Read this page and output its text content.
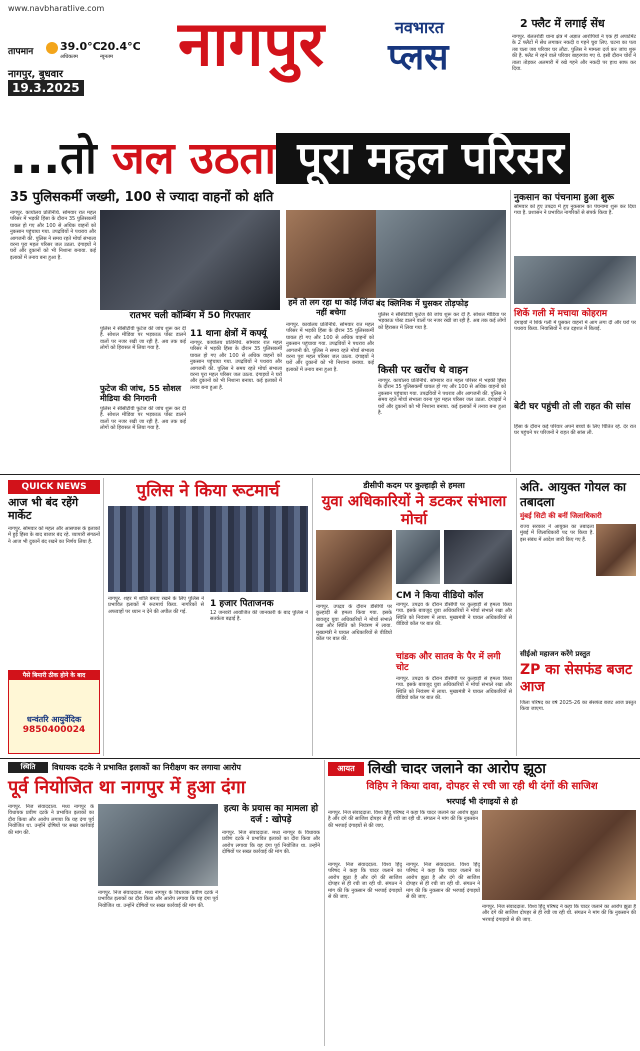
www.navbharatlive.com
तापमान 39.0°C 20.4°C
अधिकतम	न्यूनतम
नागपुर, बुधवार
19.3.2025
नागपुर	नवभारत
प्लस
2 फ्लैट में लगाई सेंध
नागपुर. बेलतरोडी थाना क्षेत्र में अज्ञात आरोपियों ने एक ही अपार्टमेंट के 2 फ्लैटों में सेंध लगाकर नकदी व गहने चुरा लिए. घटना का पता तब चला जब परिवार घर लौटा. पुलिस ने मामला दर्ज कर जांच शुरू की है. फ्लैट में रहने वाले परिवार बाहरगांव गए थे. इसी दौरान चोरों ने ताला तोड़कर अलमारी में रखे गहने और नकदी पर हाथ साफ कर दिया.
...तो जल उठता पूरा महल परिसर
35 पुलिसकर्मी जख्मी, 100 से ज्यादा वाहनों को क्षति
नागपुर. कार्यालय प्रतिनिधि. सोमवार रात महल परिसर में भड़की हिंसा के दौरान 35 पुलिसकर्मी घायल हो गए और 100 से अधिक वाहनों को नुकसान पहुंचाया गया. उपद्रवियों ने पथराव और आगजनी की. पुलिस ने समय रहते मोर्चा संभाला वरना पूरा महल परिसर जल उठता. दंगाइयों ने घरों और दुकानों को भी निशाना बनाया. कई इलाकों में तनाव बना हुआ है.
रातभर चली कॉम्बिंग में 50 गिरफ्तार
हमें तो लग रहा था कोई जिंदा नहीं बचेगा
बंद क्लिनिक में घुसकर तोड़फोड़
पुलिस ने सीसीटीवी फुटेज की जांच शुरू कर दी है. सोशल मीडिया पर भड़काऊ पोस्ट डालने वालों पर नजर रखी जा रही है. अब तक कई लोगों को हिरासत में लिया गया है.
फुटेज की जांच, 55 सोशल मीडिया की निगरानी
पुलिस ने सीसीटीवी फुटेज की जांच शुरू कर दी है. सोशल मीडिया पर भड़काऊ पोस्ट डालने वालों पर नजर रखी जा रही है. अब तक कई लोगों को हिरासत में लिया गया है.
11 थाना क्षेत्रों में कर्फ्यू
नागपुर. कार्यालय प्रतिनिधि. सोमवार रात महल परिसर में भड़की हिंसा के दौरान 35 पुलिसकर्मी घायल हो गए और 100 से अधिक वाहनों को नुकसान पहुंचाया गया. उपद्रवियों ने पथराव और आगजनी की. पुलिस ने समय रहते मोर्चा संभाला वरना पूरा महल परिसर जल उठता. दंगाइयों ने घरों और दुकानों को भी निशाना बनाया. कई इलाकों में तनाव बना हुआ है.
नागपुर. कार्यालय प्रतिनिधि. सोमवार रात महल परिसर में भड़की हिंसा के दौरान 35 पुलिसकर्मी घायल हो गए और 100 से अधिक वाहनों को नुकसान पहुंचाया गया. उपद्रवियों ने पथराव और आगजनी की. पुलिस ने समय रहते मोर्चा संभाला वरना पूरा महल परिसर जल उठता. दंगाइयों ने घरों और दुकानों को भी निशाना बनाया. कई इलाकों में तनाव बना हुआ है.
पुलिस ने सीसीटीवी फुटेज की जांच शुरू कर दी है. सोशल मीडिया पर भड़काऊ पोस्ट डालने वालों पर नजर रखी जा रही है. अब तक कई लोगों को हिरासत में लिया गया है.
किसी पर खरोंच थे वाहन
नागपुर. कार्यालय प्रतिनिधि. सोमवार रात महल परिसर में भड़की हिंसा के दौरान 35 पुलिसकर्मी घायल हो गए और 100 से अधिक वाहनों को नुकसान पहुंचाया गया. उपद्रवियों ने पथराव और आगजनी की. पुलिस ने समय रहते मोर्चा संभाला वरना पूरा महल परिसर जल उठता. दंगाइयों ने घरों और दुकानों को भी निशाना बनाया. कई इलाकों में तनाव बना हुआ है.
नुकसान का पंचनामा हुआ शुरू
सोमवार को हुए उपद्रव में हुए नुकसान का पंचनामा शुरू कर दिया गया है. प्रशासन ने प्रभावित नागरिकों से संपर्क किया है.
शिर्के गली में मचाया कोहराम
दंगाइयों ने शिर्के गली में घुसकर वाहनों में आग लगा दी और घरों पर पथराव किया. निवासियों ने रात दहशत में बिताई.
बेटी घर पहुंची तो ली राहत की सांस
हिंसा के दौरान कई परिवार अपने बच्चों के लिए चिंतित रहे. देर रात घर पहुंचने पर परिजनों ने राहत की सांस ली.
QUICK NEWS
आज भी बंद रहेंगे मार्केट
नागपुर. सोमवार को महल और आसपास के इलाकों में हुई हिंसा के बाद बाजार बंद रहे. व्यापारी संगठनों ने आज भी दुकानें बंद रखने का निर्णय लिया है.
पैसे बिमारी ठीक होने के बाद
धन्वंतरि आयुर्वेदिक
9850400024
पुलिस ने किया रूटमार्च
नागपुर. शहर में शांति बनाए रखने के लिए पुलिस ने प्रभावित इलाकों में रूटमार्च किया. नागरिकों से अफवाहों पर ध्यान न देने की अपील की गई.
1 हजार पिताजनक
12 जनवरी आयोजित की जानकारी के बाद पुलिस ने सतर्कता बढ़ाई है.
डीसीपी कदम पर कुल्हाड़ी से हमला
युवा अधिकारियों ने डटकर संभाला मोर्चा
नागपुर. उपद्रव के दौरान डीसीपी पर कुल्हाड़ी से हमला किया गया. इसके बावजूद युवा अधिकारियों ने मोर्चा संभाले रखा और स्थिति को नियंत्रण में लाया. मुख्यमंत्री ने घायल अधिकारियों से वीडियो कॉल पर बात की.
CM ने किया वीडियो कॉल
नागपुर. उपद्रव के दौरान डीसीपी पर कुल्हाड़ी से हमला किया गया. इसके बावजूद युवा अधिकारियों ने मोर्चा संभाले रखा और स्थिति को नियंत्रण में लाया. मुख्यमंत्री ने घायल अधिकारियों से वीडियो कॉल पर बात की.
चांडक और सातव के पैर में लगी चोट
नागपुर. उपद्रव के दौरान डीसीपी पर कुल्हाड़ी से हमला किया गया. इसके बावजूद युवा अधिकारियों ने मोर्चा संभाले रखा और स्थिति को नियंत्रण में लाया. मुख्यमंत्री ने घायल अधिकारियों से वीडियो कॉल पर बात की.
अति. आयुक्त गोयल का तबादला
मुंबई सिटी की बनीं जिलाधिकारी
राज्य सरकार ने आयुक्त का तबादला मुंबई में जिलाधिकारी पद पर किया है. इस संबंध में आदेश जारी किए गए हैं.
सीईओ महाजन करेंगे प्रस्तुत
ZP का सेसफंड बजट आज
जिला परिषद का वर्ष 2025-26 का सेसफंड बजट आज प्रस्तुत किया जाएगा.
स्थिति	विधायक दटके ने प्रभावित इलाकों का निरीक्षण कर लगाया आरोप
पूर्व नियोजित था नागपुर में हुआ दंगा
नागपुर. निज संवाददाता. मध्य नागपुर के विधायक प्रवीण दटके ने प्रभावित इलाकों का दौरा किया और आरोप लगाया कि यह दंगा पूर्व नियोजित था. उन्होंने दोषियों पर सख्त कार्रवाई की मांग की.
नागपुर. निज संवाददाता. मध्य नागपुर के विधायक प्रवीण दटके ने प्रभावित इलाकों का दौरा किया और आरोप लगाया कि यह दंगा पूर्व नियोजित था. उन्होंने दोषियों पर सख्त कार्रवाई की मांग की.
हत्या के प्रयास का मामला हो दर्ज : खोपड़े
नागपुर. निज संवाददाता. मध्य नागपुर के विधायक प्रवीण दटके ने प्रभावित इलाकों का दौरा किया और आरोप लगाया कि यह दंगा पूर्व नियोजित था. उन्होंने दोषियों पर सख्त कार्रवाई की मांग की.
आयत लिखी चादर जलाने का आरोप झूठा
विहिप ने किया दावा, दोपहर से रची जा रही थी दंगों की साजिश
भरपाई भी दंगाइयों से हो
नागपुर. निज संवाददाता. विश्व हिंदू परिषद ने कहा कि चादर जलाने का आरोप झूठा है और दंगे की साजिश दोपहर से ही रची जा रही थी. संगठन ने मांग की कि नुकसान की भरपाई दंगाइयों से की जाए.
नागपुर. निज संवाददाता. विश्व हिंदू परिषद ने कहा कि चादर जलाने का आरोप झूठा है और दंगे की साजिश दोपहर से ही रची जा रही थी. संगठन ने मांग की कि नुकसान की भरपाई दंगाइयों से की जाए.
नागपुर. निज संवाददाता. विश्व हिंदू परिषद ने कहा कि चादर जलाने का आरोप झूठा है और दंगे की साजिश दोपहर से ही रची जा रही थी. संगठन ने मांग की कि नुकसान की भरपाई दंगाइयों से की जाए.
नागपुर. निज संवाददाता. विश्व हिंदू परिषद ने कहा कि चादर जलाने का आरोप झूठा है और दंगे की साजिश दोपहर से ही रची जा रही थी. संगठन ने मांग की कि नुकसान की भरपाई दंगाइयों से की जाए.
